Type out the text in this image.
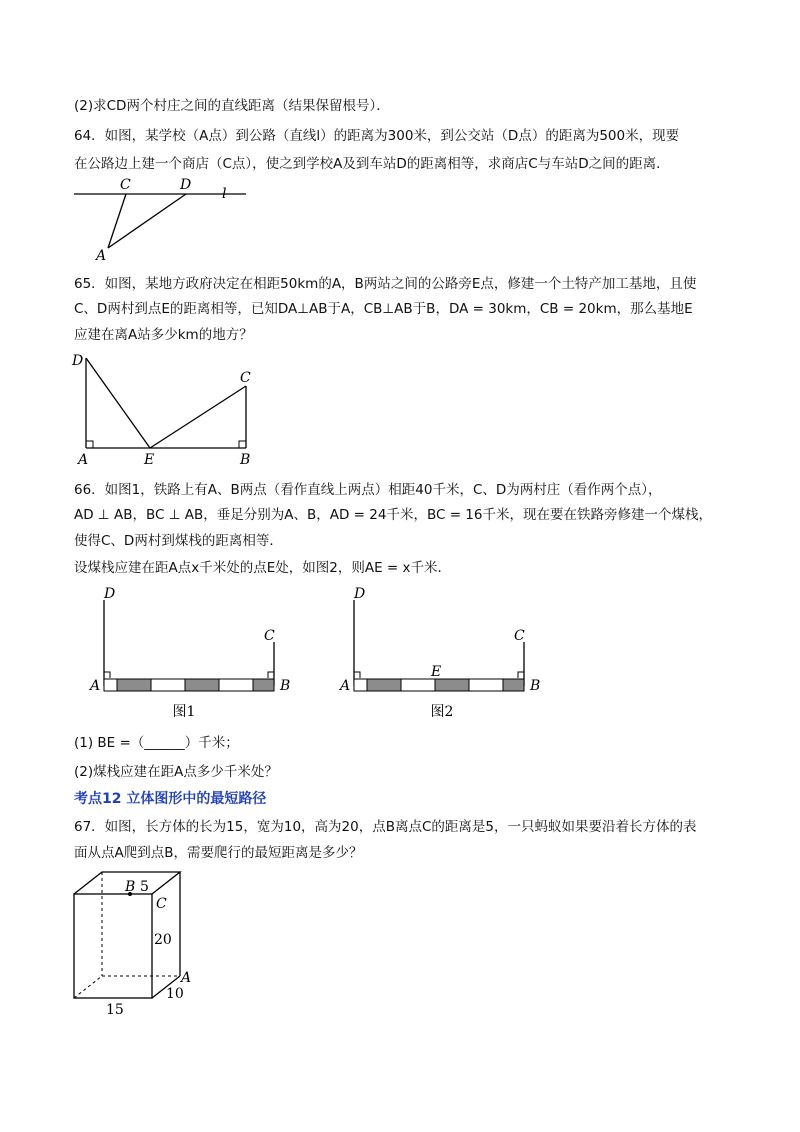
(2)求CD两个村庄之间的直线距离（结果保留根号）．
64．如图，某学校（A点）到公路（直线l）的距离为300米，到公交站（D点）的距离为500米，现要
在公路边上建一个商店（C点），使之到学校A及到车站D的距离相等，求商店C与车站D之间的距离．
C	D
l
A
65．如图，某地方政府决定在相距50km的A，B两站之间的公路旁E点，修建一个土特产加工基地，且使
C、D两村到点E的距离相等，已知DA⊥AB于A，CB⊥AB于B，DA = 30km，CB = 20km，那么基地E
应建在离A站多少km的地方？
D
C
A	E	B
66．如图1，铁路上有A、B两点（看作直线上两点）相距40千米，C、D为两村庄（看作两个点），
AD ⊥ AB，BC ⊥ AB，垂足分别为A、B，AD = 24千米，BC = 16千米，现在要在铁路旁修建一个煤栈，
使得C、D两村到煤栈的距离相等．
设煤栈应建在距A点x千米处的点E处，如图2，则AE = x千米．
D
C
A	B
图1
D
C
E
A	B
图2
(1) BE =（______）千米；
(2)煤栈应建在距A点多少千米处？
考点12 立体图形中的最短路径
67．如图，长方体的长为15，宽为10，高为20，点B离点C的距离是5，一只蚂蚁如果要沿着长方体的表
面从点A爬到点B，需要爬行的最短距离是多少？
B 5
C
20
A
10
15
